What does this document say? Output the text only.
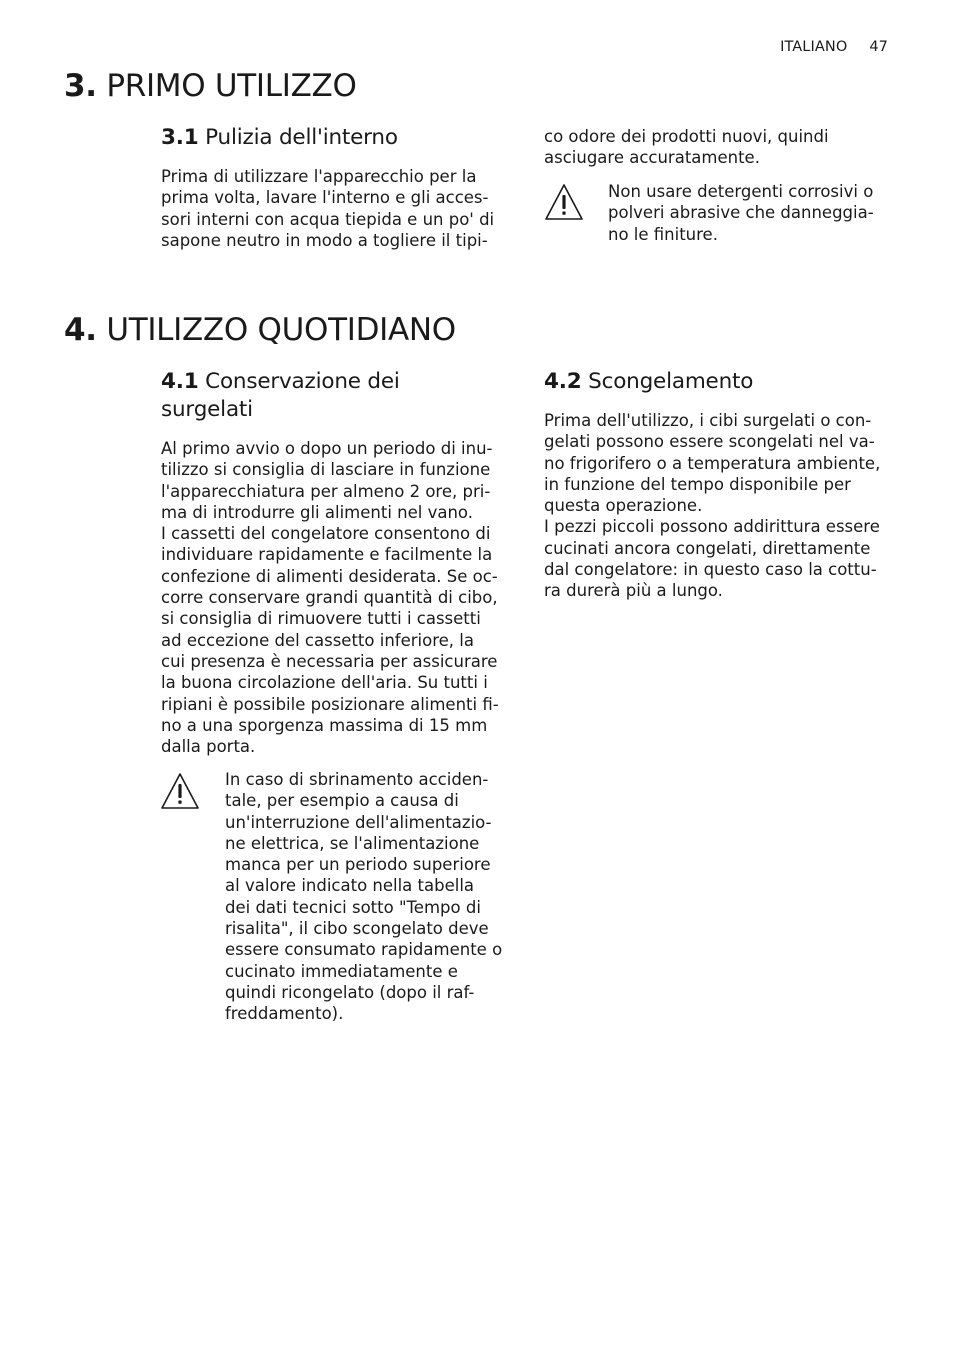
ITALIANO 47
3. PRIMO UTILIZZO
3.1 Pulizia dell'interno
Prima di utilizzare l'apparecchio per la
prima volta, lavare l'interno e gli acces-
sori interni con acqua tiepida e un po' di
sapone neutro in modo a togliere il tipi-
co odore dei prodotti nuovi, quindi
asciugare accuratamente.
Non usare detergenti corrosivi o
polveri abrasive che danneggia-
no le finiture.
4. UTILIZZO QUOTIDIANO
4.1 Conservazione dei
surgelati
Al primo avvio o dopo un periodo di inu-
tilizzo si consiglia di lasciare in funzione
l'apparecchiatura per almeno 2 ore, pri-
ma di introdurre gli alimenti nel vano.
I cassetti del congelatore consentono di
individuare rapidamente e facilmente la
confezione di alimenti desiderata. Se oc-
corre conservare grandi quantità di cibo,
si consiglia di rimuovere tutti i cassetti
ad eccezione del cassetto inferiore, la
cui presenza è necessaria per assicurare
la buona circolazione dell'aria. Su tutti i
ripiani è possibile posizionare alimenti fi-
no a una sporgenza massima di 15 mm
dalla porta.
In caso di sbrinamento acciden-
tale, per esempio a causa di
un'interruzione dell'alimentazio-
ne elettrica, se l'alimentazione
manca per un periodo superiore
al valore indicato nella tabella
dei dati tecnici sotto "Tempo di
risalita", il cibo scongelato deve
essere consumato rapidamente o
cucinato immediatamente e
quindi ricongelato (dopo il raf-
freddamento).
4.2 Scongelamento
Prima dell'utilizzo, i cibi surgelati o con-
gelati possono essere scongelati nel va-
no frigorifero o a temperatura ambiente,
in funzione del tempo disponibile per
questa operazione.
I pezzi piccoli possono addirittura essere
cucinati ancora congelati, direttamente
dal congelatore: in questo caso la cottu-
ra durerà più a lungo.
